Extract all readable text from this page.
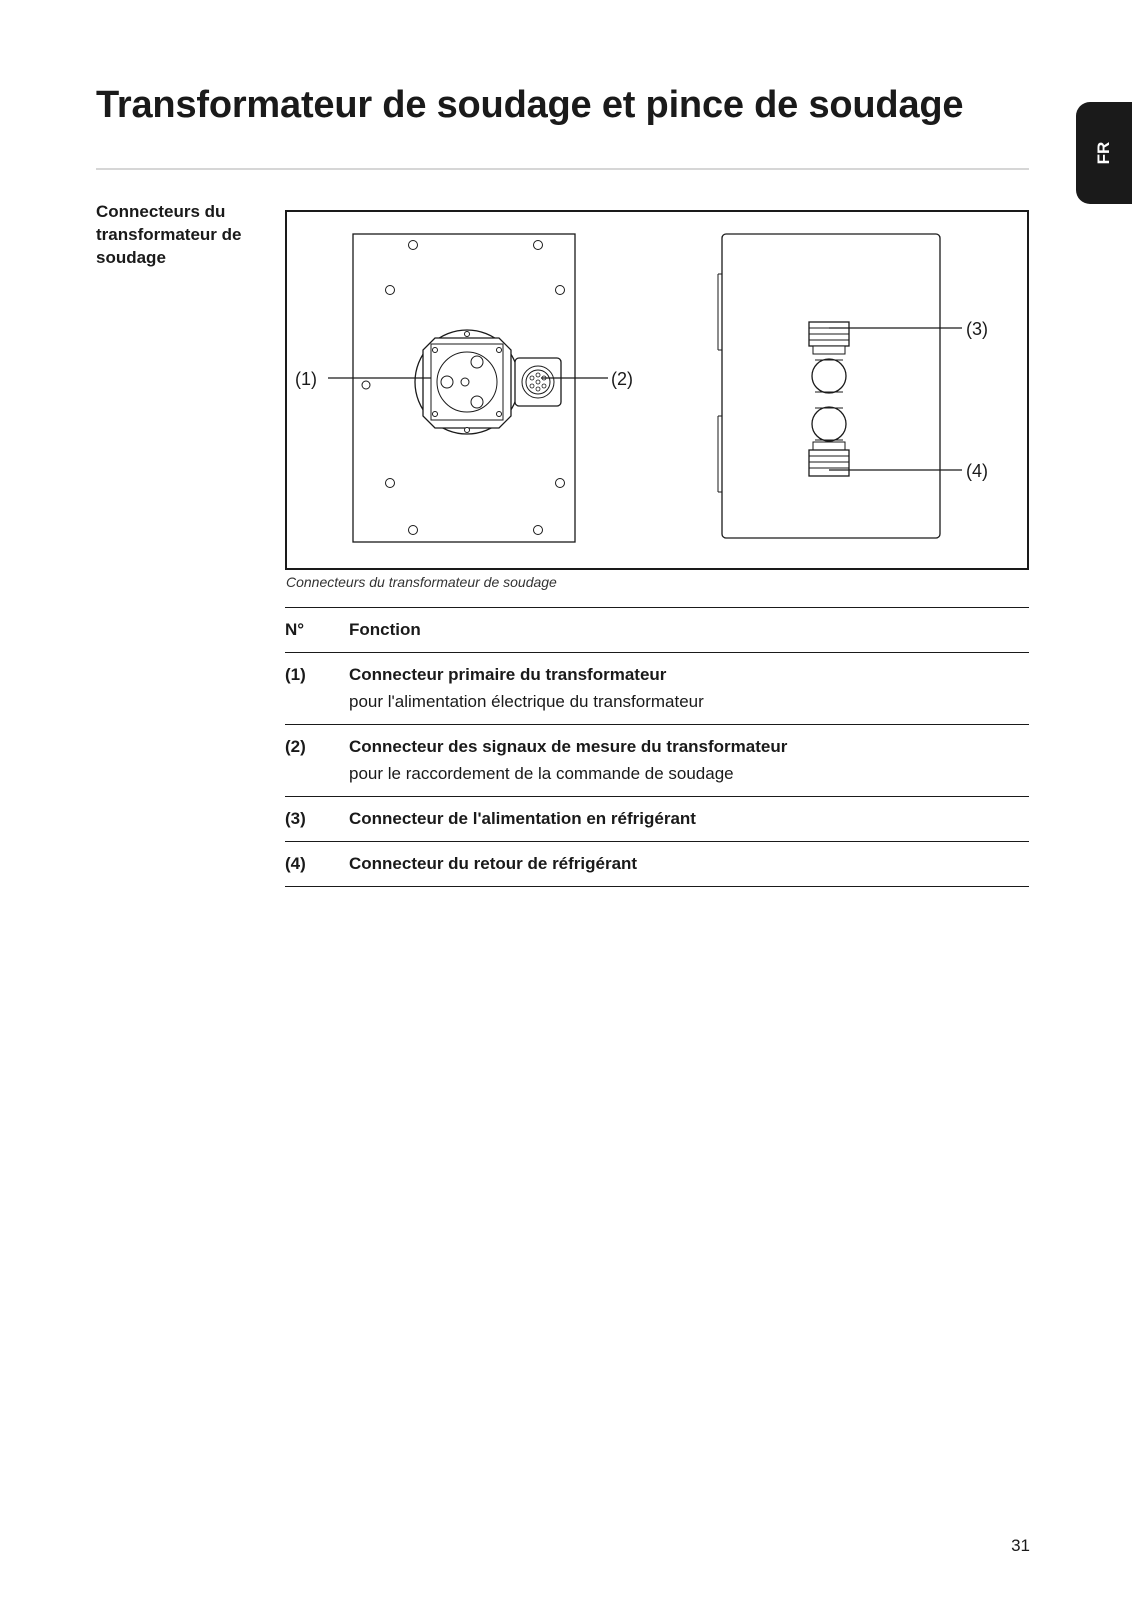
Transformateur de soudage et pince de soudage
FR
Connecteurs du transformateur de soudage
(1)	(2)
(3)
(4)
Connecteurs du transformateur de soudage
N°	Fonction
(1)	Connecteur primaire du transformateur
pour l'alimentation électrique du transformateur

(2)	Connecteur des signaux de mesure du transformateur
pour le raccordement de la commande de soudage

(3)	Connecteur de l'alimentation en réfrigérant

(4)	Connecteur du retour de réfrigérant
31
